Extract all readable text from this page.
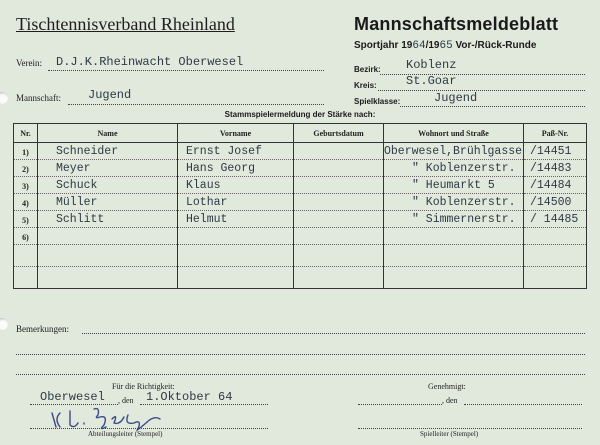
Tischtennisverband Rheinland	Mannschaftsmeldeblatt
Sportjahr 1964/1965 Vor-/Rück-Runde
Verein: D.J.K.Rheinwacht Oberwesel
Mannschaft: Jugend
Bezirk: Koblenz
Kreis: St.Goar
Spielklasse:	Jugend
Stammspielermeldung der Stärke nach:
Nr.	Name	Vorname	Geburtsdatum	Wohnort und Straße	Paß-Nr.
1)	Schneider	Ernst Josef		Oberwesel,Brühlgasse	/14451
2)	Meyer	Hans Georg		" Koblenzerstr.	/14483
3)	Schuck	Klaus		" Heumarkt 5	/14484
4)	Müller	Lothar		" Koblenzerstr.	/14500
5)	Schlitt	Helmut		" Simmernerstr.	/ 14485
6)					

Bemerkungen:
Für die Richtigkeit:
Oberwesel , den 1.Oktober 64
Abteilungsleiter (Stempel)
Genehmigt:
, den
Spielleiter (Stempel)
